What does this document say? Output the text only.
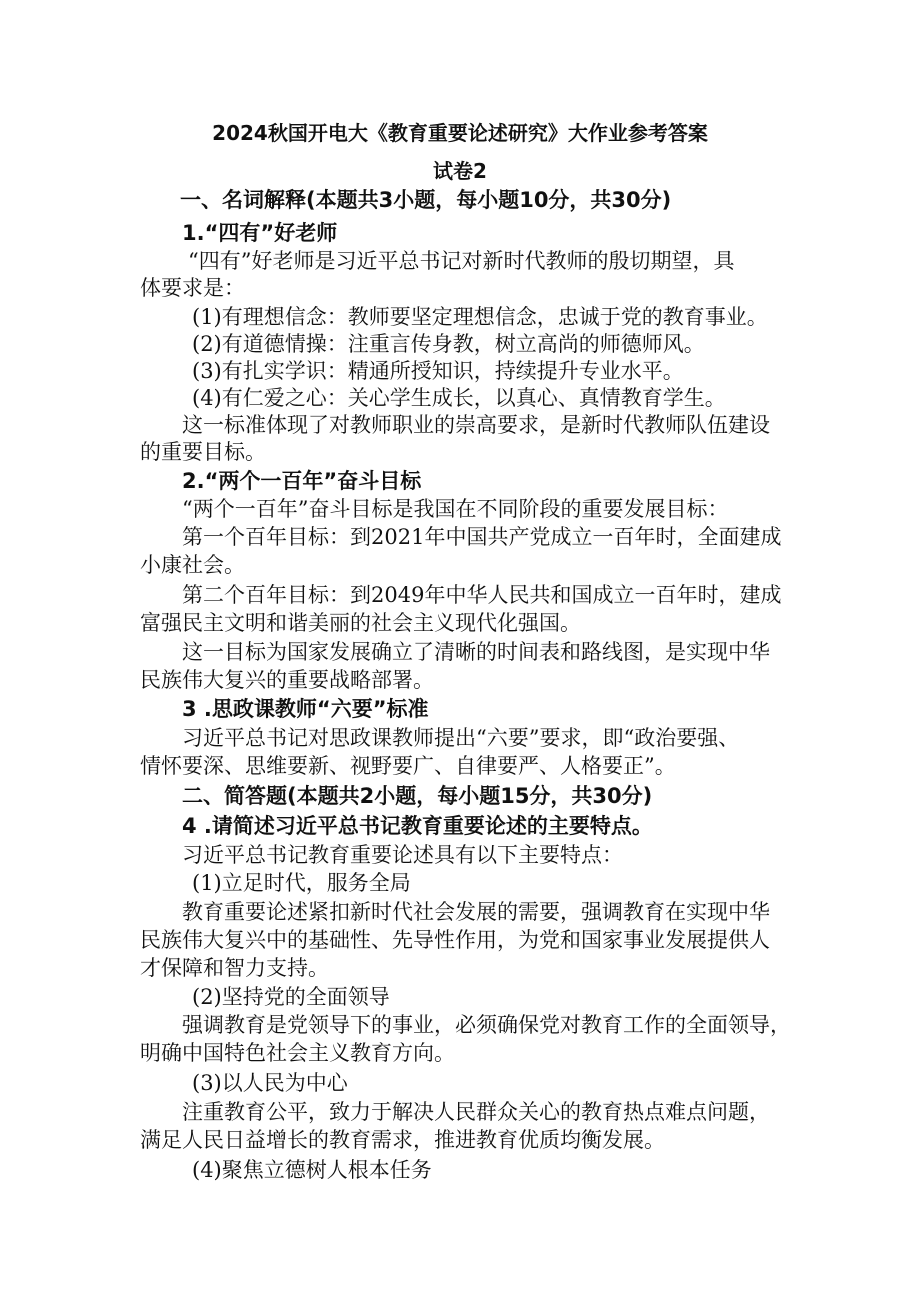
2024秋国开电大《教育重要论述研究》大作业参考答案
试卷2
一、名词解释(本题共3小题，每小题10分，共30分)
1.“四有”好老师
“四有”好老师是习近平总书记对新时代教师的殷切期望，具
体要求是：
(1)有理想信念：教师要坚定理想信念，忠诚于党的教育事业。
(2)有道德情操：注重言传身教，树立高尚的师德师风。
(3)有扎实学识：精通所授知识，持续提升专业水平。
(4)有仁爱之心：关心学生成长，以真心、真情教育学生。
这一标准体现了对教师职业的崇高要求，是新时代教师队伍建设
的重要目标。
2.“两个一百年”奋斗目标
“两个一百年”奋斗目标是我国在不同阶段的重要发展目标：
第一个百年目标：到2021年中国共产党成立一百年时，全面建成
小康社会。
第二个百年目标：到2049年中华人民共和国成立一百年时，建成
富强民主文明和谐美丽的社会主义现代化强国。
这一目标为国家发展确立了清晰的时间表和路线图，是实现中华
民族伟大复兴的重要战略部署。
3 .思政课教师“六要”标准
习近平总书记对思政课教师提出“六要”要求，即“政治要强、
情怀要深、思维要新、视野要广、自律要严、人格要正”。
二、简答题(本题共2小题，每小题15分，共30分)
4 .请简述习近平总书记教育重要论述的主要特点。
习近平总书记教育重要论述具有以下主要特点：
(1)立足时代，服务全局
教育重要论述紧扣新时代社会发展的需要，强调教育在实现中华
民族伟大复兴中的基础性、先导性作用，为党和国家事业发展提供人
才保障和智力支持。
(2)坚持党的全面领导
强调教育是党领导下的事业，必须确保党对教育工作的全面领导，
明确中国特色社会主义教育方向。
(3)以人民为中心
注重教育公平，致力于解决人民群众关心的教育热点难点问题，
满足人民日益增长的教育需求，推进教育优质均衡发展。
(4)聚焦立德树人根本任务
